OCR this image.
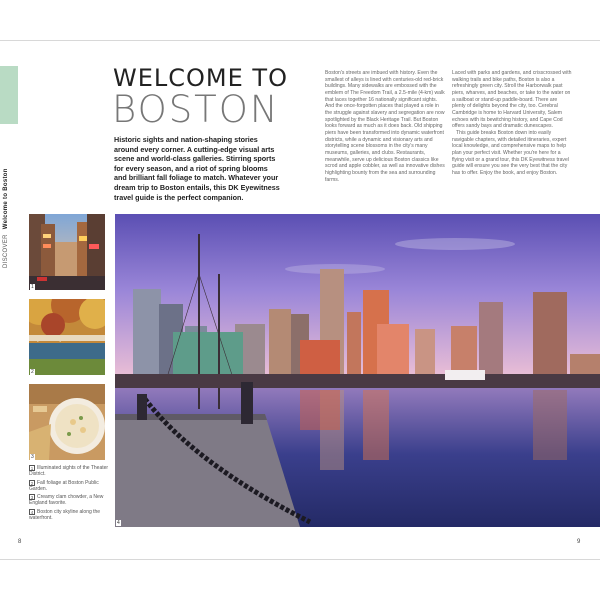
DISCOVER Welcome to Boston
WELCOME TO
BOSTON
Historic sights and nation-shaping stories around every corner. A cutting-edge visual arts scene and world-class galleries. Stirring sports for every season, and a riot of spring blooms and brilliant fall foliage to match. Whatever your dream trip to Boston entails, this DK Eyewitness travel guide is the perfect companion.

Boston's streets are imbued with history. Even the smallest of alleys is lined with centuries-old red-brick buildings. Many sidewalks are embossed with the emblem of The Freedom Trail, a 2.5-mile (4-km) walk that laces together 16 nationally significant sights. And the once-forgotten places that played a role in the struggle against slavery and segregation are now spotlighted by the Black Heritage Trail. But Boston looks forward as much as it does back. Old shipping piers have been transformed into dynamic waterfront districts, while a dynamic and visionary arts and storytelling scene blossoms in the city's many museums, galleries, and clubs. Restaurants, meanwhile, serve up delicious Boston classics like scrod and apple cobbler, as well as innovative dishes highlighting bounty from the sea and surrounding farms.

Laced with parks and gardens, and crisscrossed with walking trails and bike paths, Boston is also a refreshingly green city. Stroll the Harborwalk past piers, wharves, and beaches, or take to the water on a sailboat or stand-up paddle-board. There are plenty of delights beyond the city, too. Cerebral Cambridge is home to Harvard University, Salem echoes with its bewitching history, and Cape Cod offers sandy bays and dramatic dunescapes.

This guide breaks Boston down into easily navigable chapters, with detailed itineraries, expert local knowledge, and comprehensive maps to help plan your perfect visit. Whether you're here for a flying visit or a grand tour, this DK Eyewitness travel guide will ensure you see the very best that the city has to offer. Enjoy the book, and enjoy Boston.

1
2
3
4
1 Illuminated sights of the Theater District.
2 Fall foliage at Boston Public Garden.
3 Creamy clam chowder, a New England favorite.
4 Boston city skyline along the waterfront.
8	9
